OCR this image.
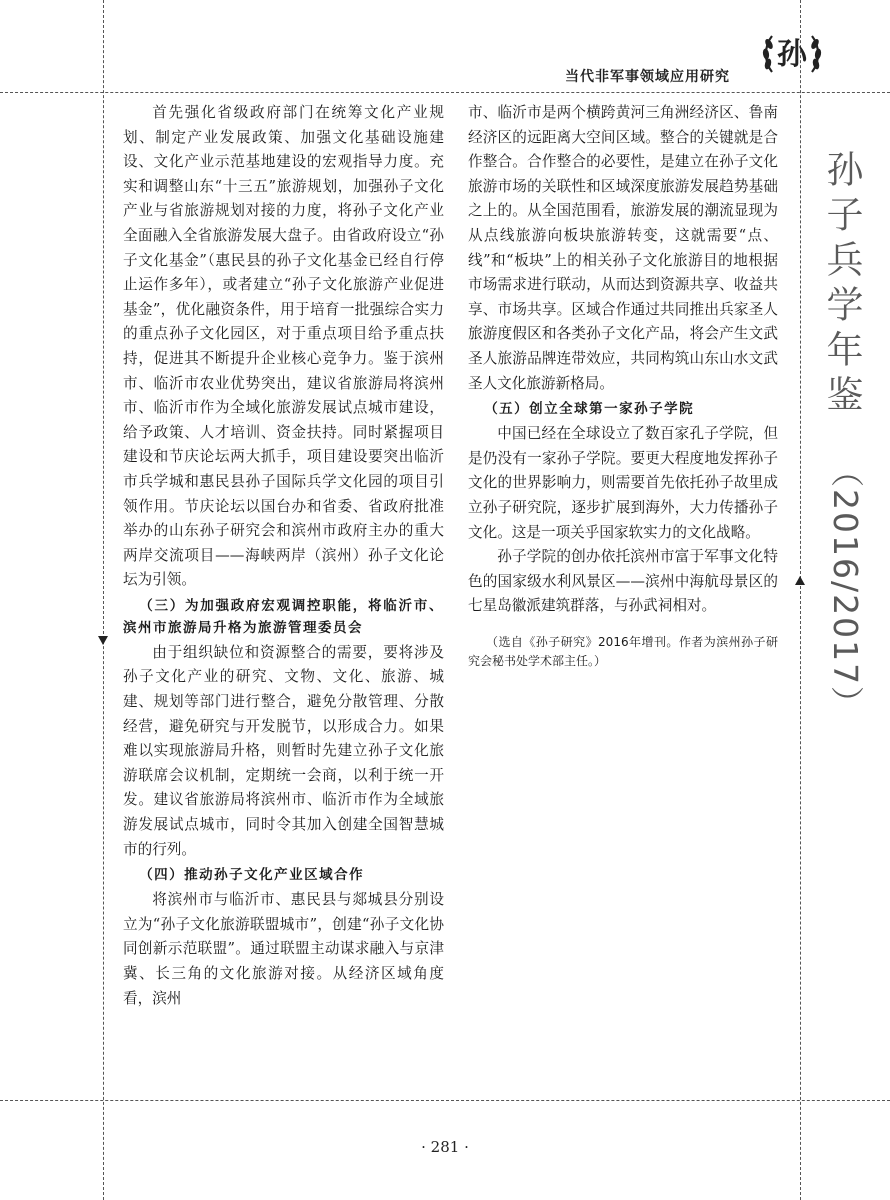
当代非军事领域应用研究
孙
孙子兵学年鉴
（2016/2017）

首先强化省级政府部门在统筹文化产业规划、制定产业发展政策、加强文化基础设施建设、文化产业示范基地建设的宏观指导力度。充实和调整山东“十三五”旅游规划，加强孙子文化产业与省旅游规划对接的力度，将孙子文化产业全面融入全省旅游发展大盘子。由省政府设立“孙子文化基金”（惠民县的孙子文化基金已经自行停止运作多年），或者建立“孙子文化旅游产业促进基金”，优化融资条件，用于培育一批强综合实力的重点孙子文化园区，对于重点项目给予重点扶持，促进其不断提升企业核心竞争力。鉴于滨州市、临沂市农业优势突出，建议省旅游局将滨州市、临沂市作为全域化旅游发展试点城市建设，给予政策、人才培训、资金扶持。同时紧握项目建设和节庆论坛两大抓手，项目建设要突出临沂市兵学城和惠民县孙子国际兵学文化园的项目引领作用。节庆论坛以国台办和省委、省政府批准举办的山东孙子研究会和滨州市政府主办的重大两岸交流项目——海峡两岸（滨州）孙子文化论坛为引领。

（三）为加强政府宏观调控职能，将临沂市、滨州市旅游局升格为旅游管理委员会

由于组织缺位和资源整合的需要，要将涉及孙子文化产业的研究、文物、文化、旅游、城建、规划等部门进行整合，避免分散管理、分散经营，避免研究与开发脱节，以形成合力。如果难以实现旅游局升格，则暂时先建立孙子文化旅游联席会议机制，定期统一会商，以利于统一开发。建议省旅游局将滨州市、临沂市作为全域旅游发展试点城市，同时令其加入创建全国智慧城市的行列。

（四）推动孙子文化产业区域合作

将滨州市与临沂市、惠民县与郯城县分别设立为“孙子文化旅游联盟城市”，创建“孙子文化协同创新示范联盟”。通过联盟主动谋求融入与京津冀、长三角的文化旅游对接。从经济区域角度看，滨州

市、临沂市是两个横跨黄河三角洲经济区、鲁南经济区的远距离大空间区域。整合的关键就是合作整合。合作整合的必要性，是建立在孙子文化旅游市场的关联性和区域深度旅游发展趋势基础之上的。从全国范围看，旅游发展的潮流显现为从点线旅游向板块旅游转变，这就需要“点、线”和“板块”上的相关孙子文化旅游目的地根据市场需求进行联动，从而达到资源共享、收益共享、市场共享。区域合作通过共同推出兵家圣人旅游度假区和各类孙子文化产品，将会产生文武圣人旅游品牌连带效应，共同构筑山东山水文武圣人文化旅游新格局。

（五）创立全球第一家孙子学院

中国已经在全球设立了数百家孔子学院，但是仍没有一家孙子学院。要更大程度地发挥孙子文化的世界影响力，则需要首先依托孙子故里成立孙子研究院，逐步扩展到海外，大力传播孙子文化。这是一项关乎国家软实力的文化战略。

孙子学院的创办依托滨州市富于军事文化特色的国家级水利风景区——滨州中海航母景区的七星岛徽派建筑群落，与孙武祠相对。

（选自《孙子研究》2016年增刊。作者为滨州孙子研究会秘书处学术部主任。）
· 281 ·
